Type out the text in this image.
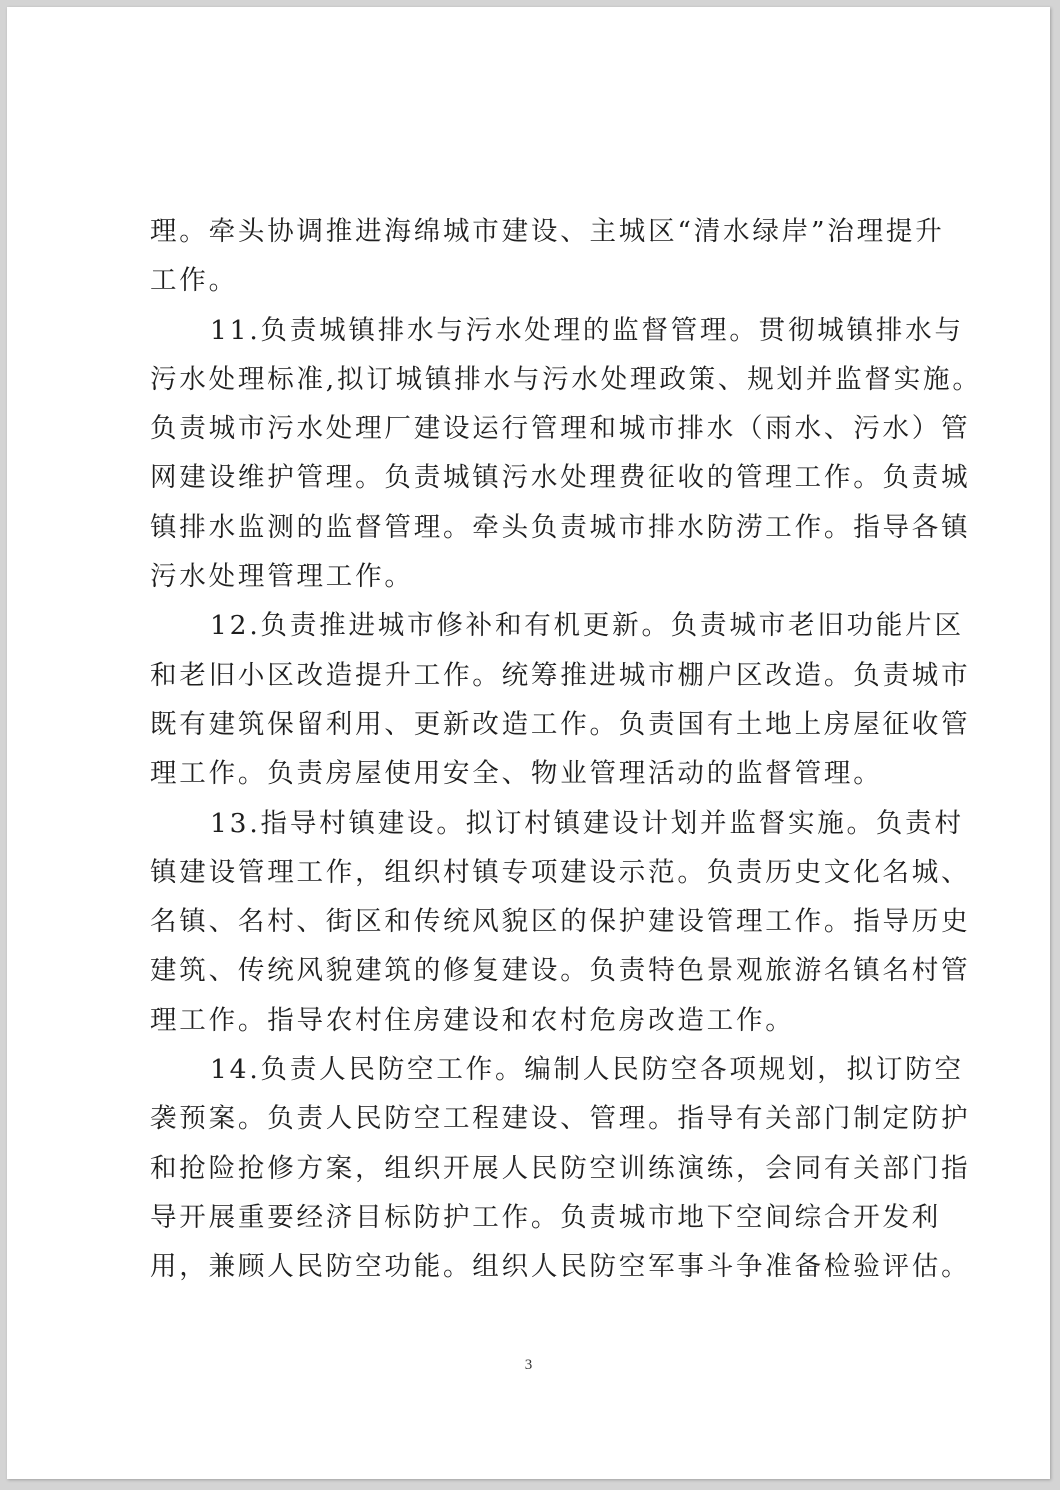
理。牵头协调推进海绵城市建设、主城区“清水绿岸”治理提升
工作。
11.负责城镇排水与污水处理的监督管理。贯彻城镇排水与
污水处理标准,拟订城镇排水与污水处理政策、规划并监督实施。
负责城市污水处理厂建设运行管理和城市排水（雨水、污水）管
网建设维护管理。负责城镇污水处理费征收的管理工作。负责城
镇排水监测的监督管理。牵头负责城市排水防涝工作。指导各镇
污水处理管理工作。
12.负责推进城市修补和有机更新。负责城市老旧功能片区
和老旧小区改造提升工作。统筹推进城市棚户区改造。负责城市
既有建筑保留利用、更新改造工作。负责国有土地上房屋征收管
理工作。负责房屋使用安全、物业管理活动的监督管理。
13.指导村镇建设。拟订村镇建设计划并监督实施。负责村
镇建设管理工作，组织村镇专项建设示范。负责历史文化名城、
名镇、名村、街区和传统风貌区的保护建设管理工作。指导历史
建筑、传统风貌建筑的修复建设。负责特色景观旅游名镇名村管
理工作。指导农村住房建设和农村危房改造工作。
14.负责人民防空工作。编制人民防空各项规划，拟订防空
袭预案。负责人民防空工程建设、管理。指导有关部门制定防护
和抢险抢修方案，组织开展人民防空训练演练，会同有关部门指
导开展重要经济目标防护工作。负责城市地下空间综合开发利
用，兼顾人民防空功能。组织人民防空军事斗争准备检验评估。
3
